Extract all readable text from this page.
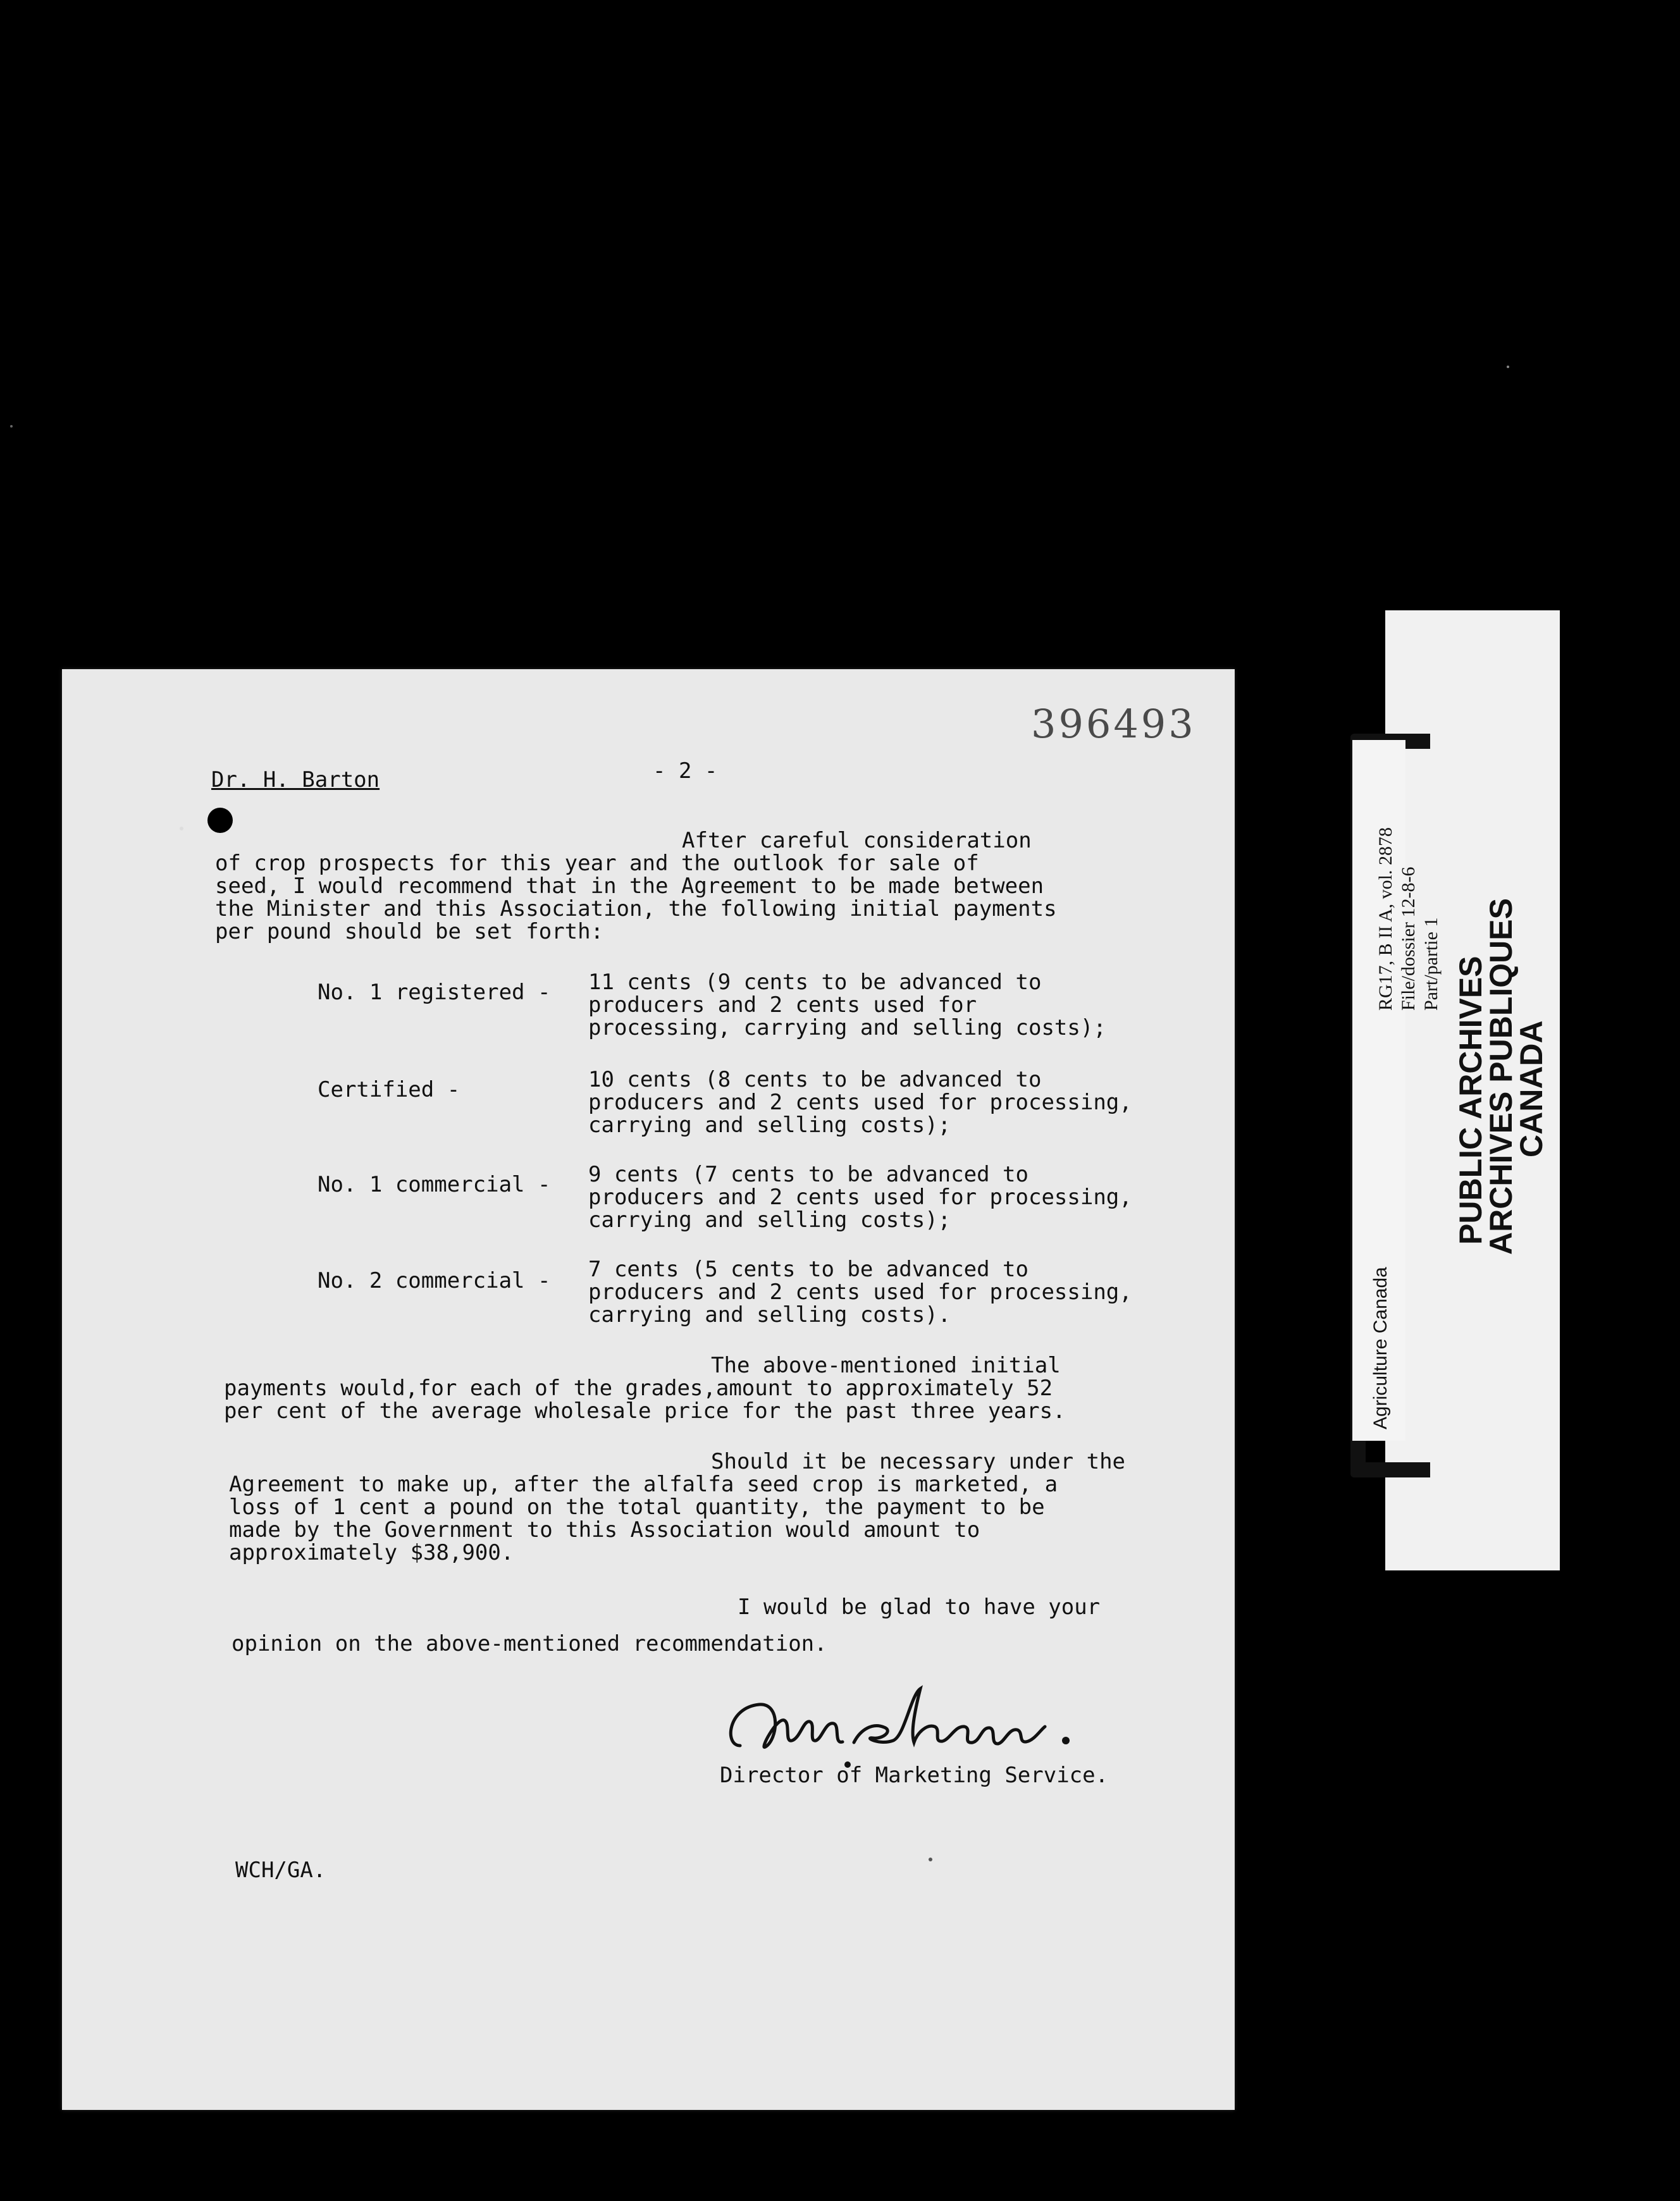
396493
Dr. H. Barton	- 2 -
After careful consideration
of crop prospects for this year and the outlook for sale of
seed, I would recommend that in the Agreement to be made between
the Minister and this Association, the following initial payments
per pound should be set forth:
No. 1 registered - 11 cents (9 cents to be advanced to
producers and 2 cents used for
processing, carrying and selling costs);
Certified -	10 cents (8 cents to be advanced to
producers and 2 cents used for processing,
carrying and selling costs);
No. 1 commercial - 9 cents (7 cents to be advanced to
producers and 2 cents used for processing,
carrying and selling costs);
No. 2 commercial - 7 cents (5 cents to be advanced to
producers and 2 cents used for processing,
carrying and selling costs).
The above-mentioned initial
payments would,for each of the grades,amount to approximately 52
per cent of the average wholesale price for the past three years.
Should it be necessary under the
Agreement to make up, after the alfalfa seed crop is marketed, a
loss of 1 cent a pound on the total quantity, the payment to be
made by the Government to this Association would amount to
approximately $38,900.
I would be glad to have your
opinion on the above-mentioned recommendation.
Director of Marketing Service.
WCH/GA.
Agriculture Canada
RG17, B II A, vol. 2878 File/dossier 12-8-6 Part/partie 1 PUBLIC ARCHIVES
ARCHIVES PUBLIQUES
CANADA
